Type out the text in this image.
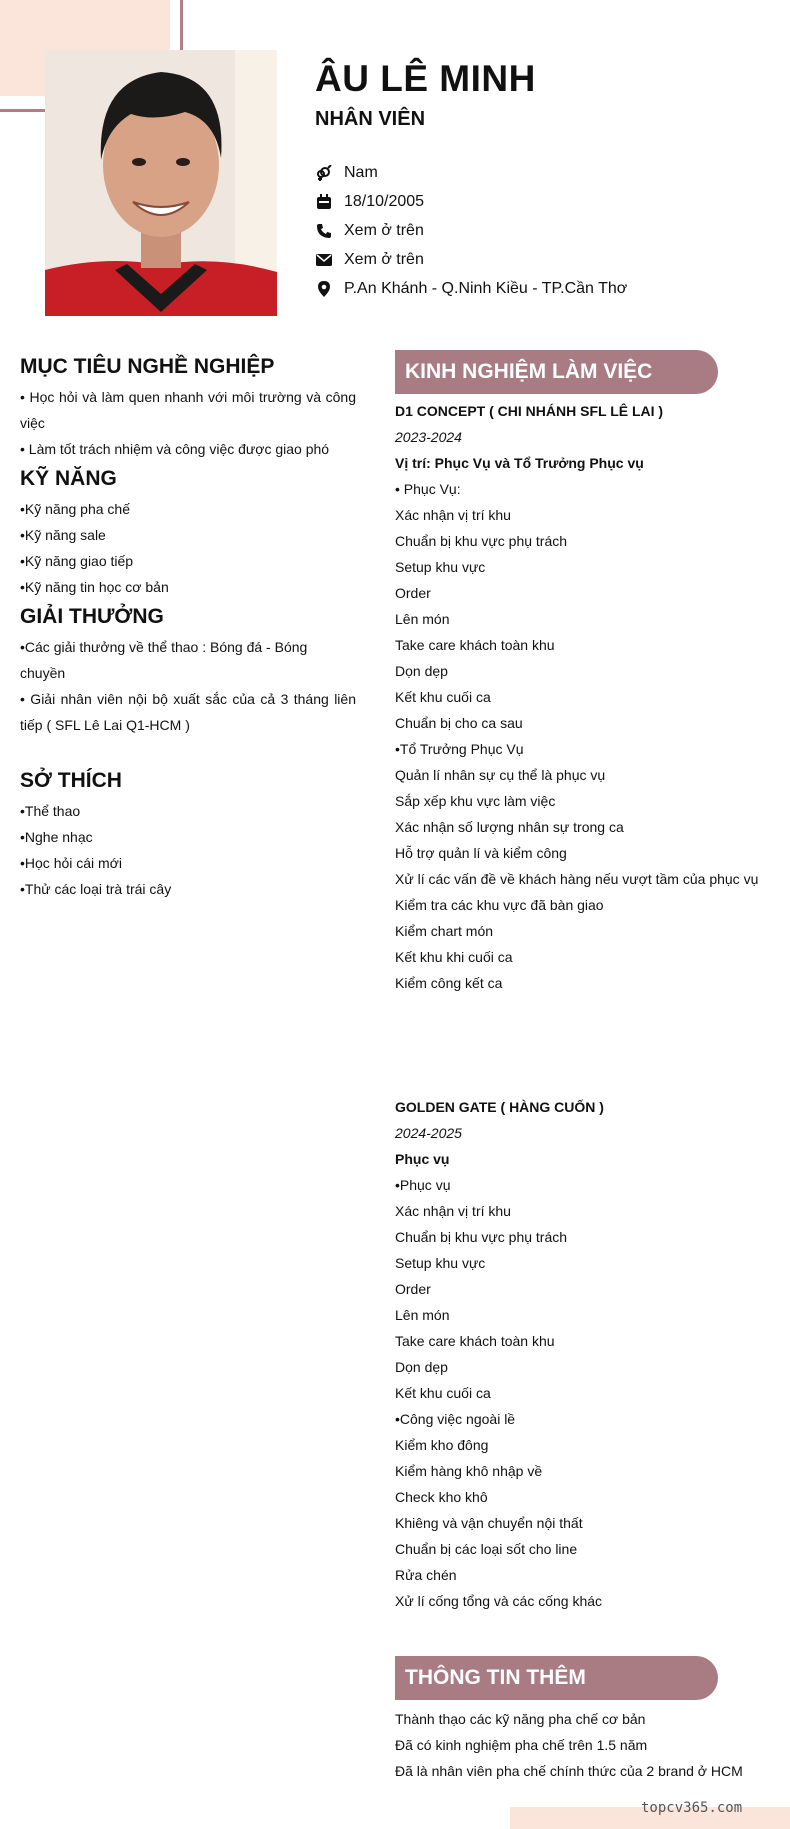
ÂU LÊ MINH
NHÂN VIÊN
Nam
18/10/2005
Xem ở trên
Xem ở trên
P.An Khánh - Q.Ninh Kiều - TP.Cần Thơ
MỤC TIÊU NGHỀ NGHIỆP

• Học hỏi và làm quen nhanh với môi trường và công việc

• Làm tốt trách nhiệm và công việc được giao phó

KỸ NĂNG

•Kỹ năng pha chế

•Kỹ năng sale

•Kỹ năng giao tiếp

•Kỹ năng tin học cơ bản

GIẢI THƯỞNG

•Các giải thưởng về thể thao : Bóng đá - Bóng chuyền

• Giải nhân viên nội bộ xuất sắc của cả 3 tháng liên tiếp ( SFL Lê Lai Q1-HCM )

SỞ THÍCH

•Thể thao

•Nghe nhạc

•Học hỏi cái mới

•Thử các loại trà trái cây

KINH NGHIỆM LÀM VIỆC

D1 CONCEPT ( CHI NHÁNH SFL LÊ LAI )

2023-2024

Vị trí: Phục Vụ và Tổ Trưởng Phục vụ

• Phục Vụ:

Xác nhận vị trí khu

Chuẩn bị khu vực phụ trách

Setup khu vực

Order

Lên món

Take care khách toàn khu

Dọn dẹp

Kết khu cuối ca

Chuẩn bị cho ca sau

•Tổ Trưởng Phục Vụ

Quản lí nhân sự cụ thể là phục vụ

Sắp xếp khu vực làm việc

Xác nhận số lượng nhân sự trong ca

Hỗ trợ quản lí và kiểm công

Xử lí các vấn đề về khách hàng nếu vượt tầm của phục vụ

Kiểm tra các khu vực đã bàn giao

Kiểm chart món

Kết khu khi cuối ca

Kiểm công kết ca

GOLDEN GATE ( HÀNG CUỐN )

2024-2025

Phục vụ

•Phục vụ

Xác nhận vị trí khu

Chuẩn bị khu vực phụ trách

Setup khu vực

Order

Lên món

Take care khách toàn khu

Dọn dẹp

Kết khu cuối ca

•Công việc ngoài lề

Kiểm kho đông

Kiểm hàng khô nhập về

Check kho khô

Khiêng và vận chuyển nội thất

Chuẩn bị các loại sốt cho line

Rửa chén

Xử lí cống tổng và các cống khác

THÔNG TIN THÊM

Thành thạo các kỹ năng pha chế cơ bản

Đã có kinh nghiệm pha chế trên 1.5 năm

Đã là nhân viên pha chế chính thức của 2 brand ở HCM

topcv365.com
